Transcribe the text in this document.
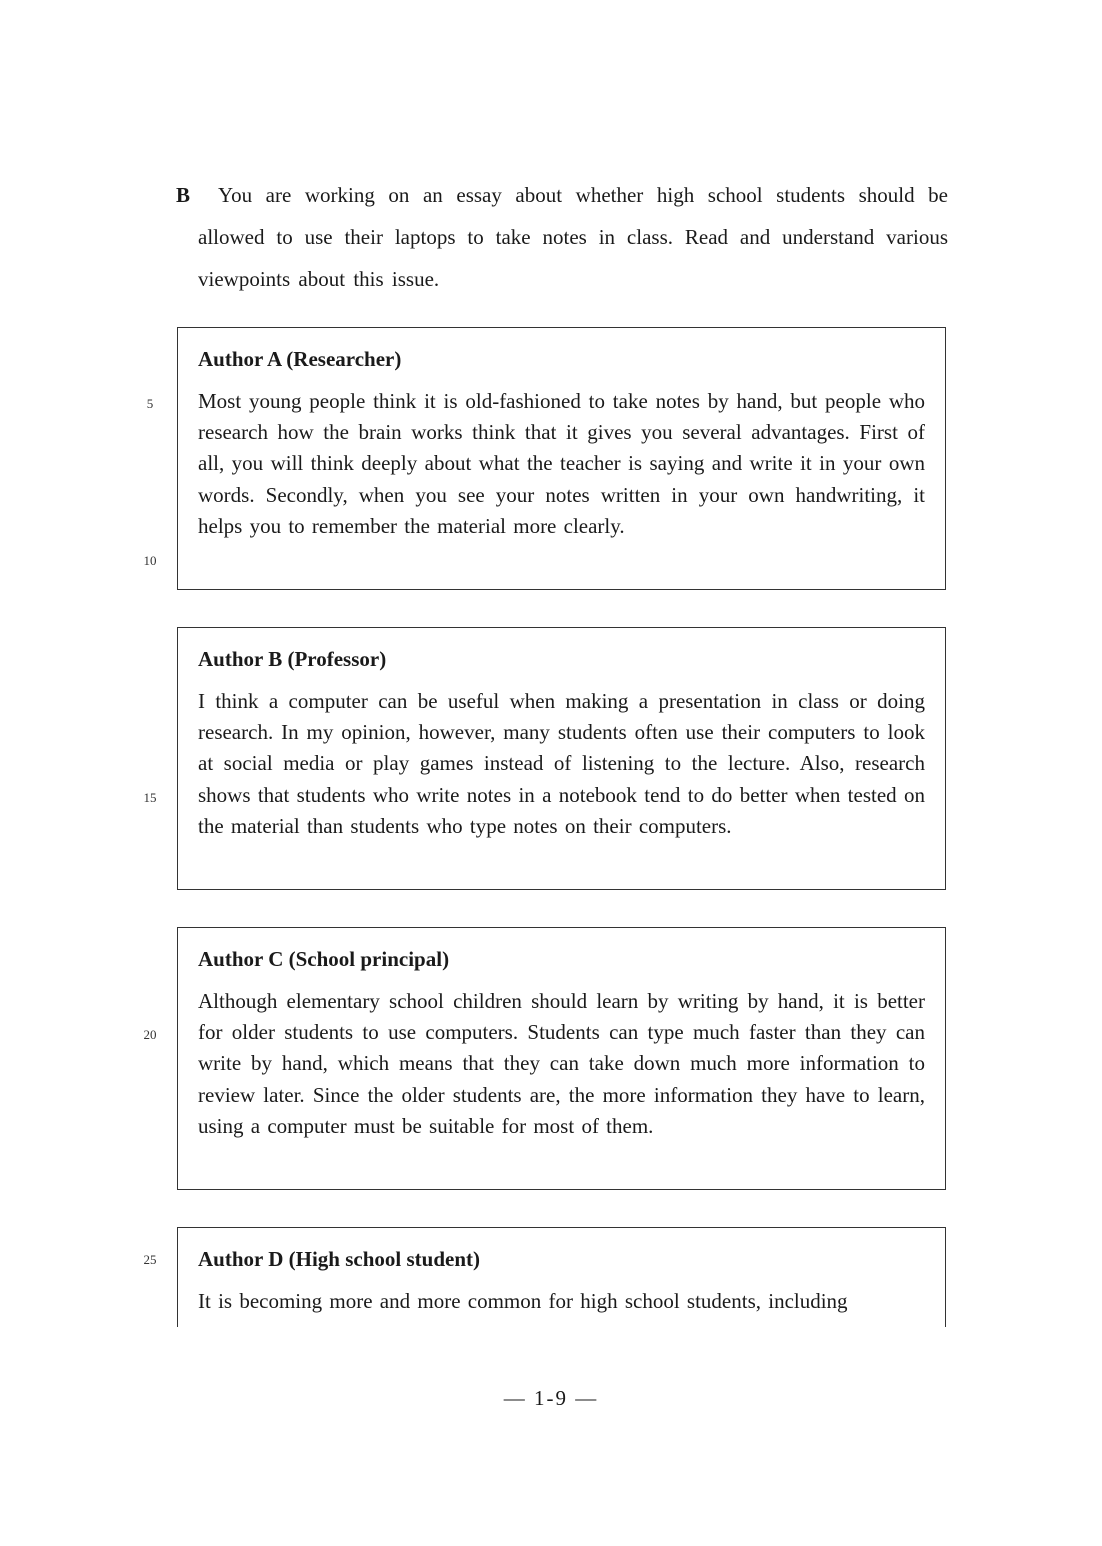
B	You are working on an essay about whether high school students should be allowed to use their laptops to take notes in class. Read and understand various viewpoints about this issue.

Author A (Researcher)

Most young people think it is old-fashioned to take notes by hand, but people who research how the brain works think that it gives you several advantages. First of all, you will think deeply about what the teacher is saying and write it in your own words. Secondly, when you see your notes written in your own handwriting, it helps you to remember the material more clearly.

Author B (Professor)

I think a computer can be useful when making a presentation in class or doing research. In my opinion, however, many students often use their computers to look at social media or play games instead of listening to the lecture. Also, research shows that students who write notes in a notebook tend to do better when tested on the material than students who type notes on their computers.

Author C (School principal)

Although elementary school children should learn by writing by hand, it is better for older students to use computers. Students can type much faster than they can write by hand, which means that they can take down much more information to review later. Since the older students are, the more information they have to learn, using a computer must be suitable for most of them.

Author D (High school student)

It is becoming more and more common for high school students, including

5
10
15
20
25
— 1-9 —
